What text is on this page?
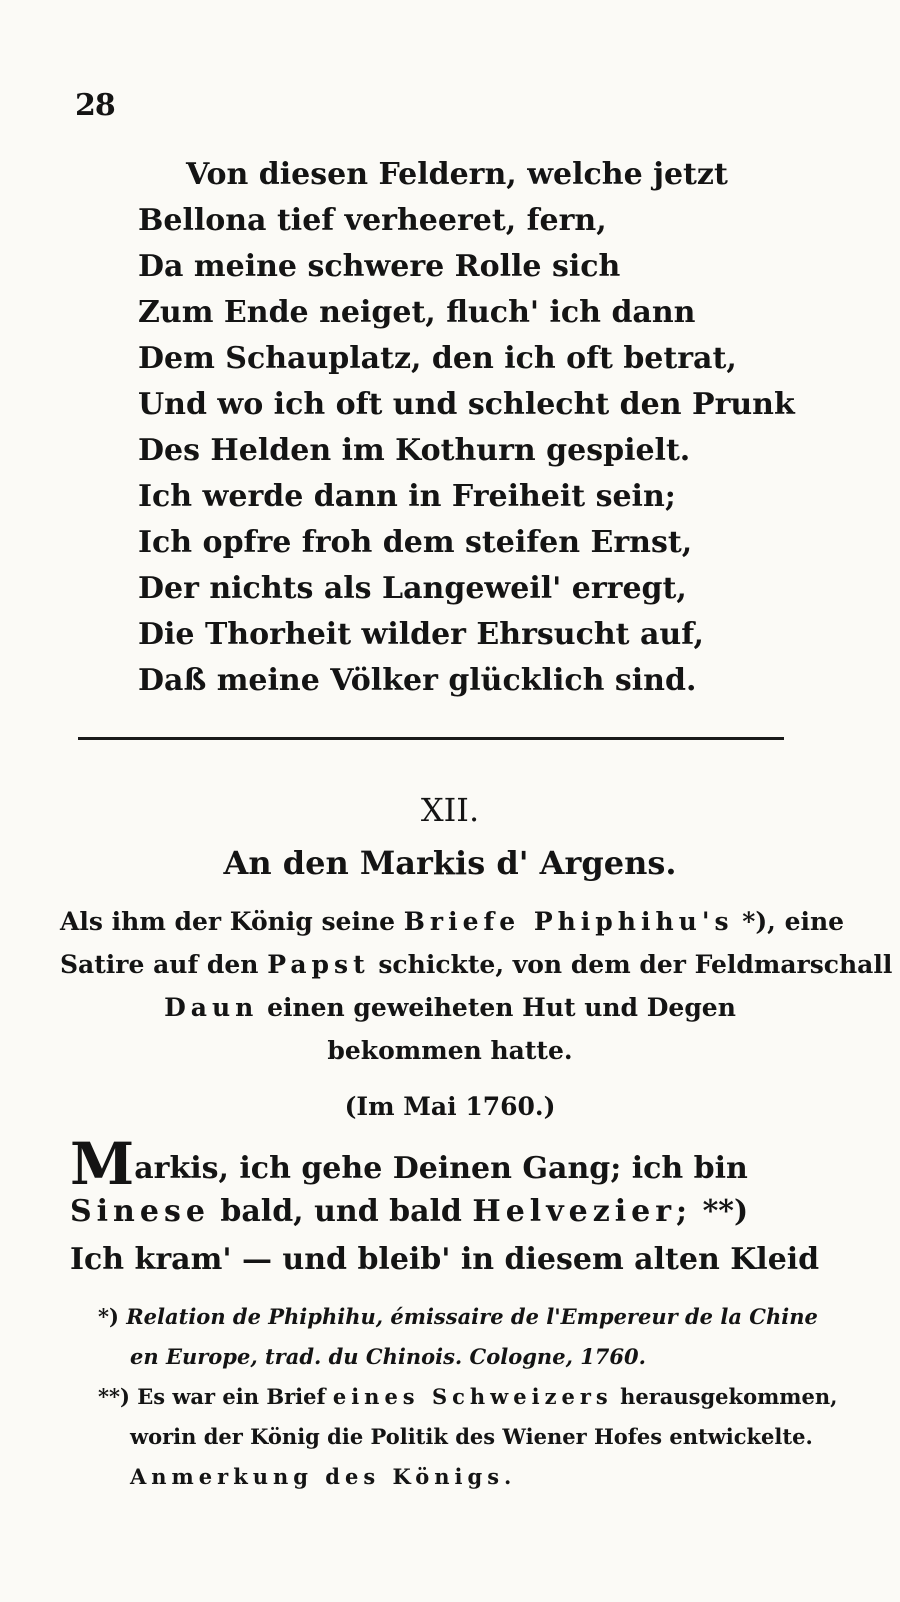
28
Von diesen Feldern, welche jetzt
Bellona tief verheeret, fern,
Da meine schwere Rolle sich
Zum Ende neiget, fluch' ich dann
Dem Schauplatz, den ich oft betrat,
Und wo ich oft und schlecht den Prunk
Des Helden im Kothurn gespielt.
Ich werde dann in Freiheit sein;
Ich opfre froh dem steifen Ernst,
Der nichts als Langeweil' erregt,
Die Thorheit wilder Ehrsucht auf,
Daß meine Völker glücklich sind.
XII.
An den Markis d' Argens.
Als ihm der König seine Briefe Phiphihu's *), eine
Satire auf den Papst schickte, von dem der Feldmarschall
Daun einen geweiheten Hut und Degen
bekommen hatte.
(Im Mai 1760.)
Markis, ich gehe Deinen Gang; ich bin
Sinese bald, und bald Helvezier; **)
Ich kram' — und bleib' in diesem alten Kleid
*) Relation de Phiphihu, émissaire de l'Empereur de la Chine
en Europe, trad. du Chinois. Cologne, 1760.
**) Es war ein Brief eines Schweizers herausgekommen,
worin der König die Politik des Wiener Hofes entwickelte.
Anmerkung des Königs.
